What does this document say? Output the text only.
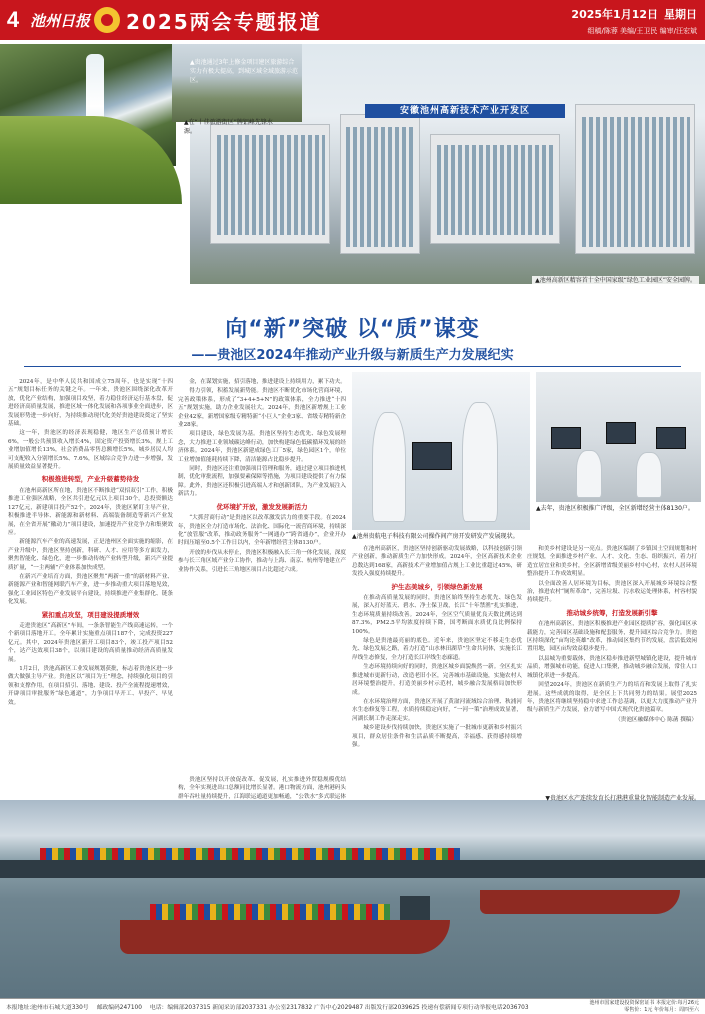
4 池州日报 2025两会专题报道	2025年1月12日 星期日
组稿/陈蓉 美编/王卫民 编审/汪宏斌
安徽池州高新技术产业开发区
▲贵池通过3年上修金项目建区旅游综合实力有极大提高，到城区域全域旅游示范区。
▲在“十佳旅游街区”牌铝峰先锋水源。
▲池州高新区精容首十全中国家级“绿色工业园区”安全园牌。
向“新”突破 以“质”谋变
——贵池区2024年推动产业升级与新质生产力发展纪实

2024年，是中华人民共和国成立75周年，也是实现“十四五”规划目标任务的关键之年。一年来，贵池区围绕深化改革开放，优化产业结构，加强项目攻坚，着力稳住经济运行基本盘，促进经济高质量发展，推进区域一体化发展和各项事业全面进步，区发展形势进一步向好，为持续推动现代化美好贵池建设奠定了坚实基础。

这一年，贵池区的经济表现稳健，地区生产总值预计增长6%，一般公共预算收入增长4%，固定资产投资增长3%，规上工业增加值增长13%，社会消费品零售总额增长5%，城乡居民人均可支配收入分别增长5%、7.6%，区域综合竞争力进一步增强，发展质量效益显著提升。

积极推进转型，产业升级蓄势待发

在池州高新区所在地，贵池区不断推进“双招双引”工作，积极推进工业强区战略，全区共引进亿元以上项目30个，总投资额达127亿元，新建项目投产52个。2024年，贵池区紧盯主导产业，积极推进半导体、新能源和新材料、高端装备制造等新兴产业发展，在全省开展“徽动力”项目建设，加速提升产业竞争力和集聚效应。

新能源汽车产业的高速发展，正是池州区全面实施的缩影，在产业升级中，贵池区坚持创新，科研、人才、应用等多方面发力，聚焦智能化、绿色化，进一步推动传统产业转型升级，新兴产业提质扩量，“一主两辅”产业体系加快成型。

在新兴产业培育方面，贵池区聚焦“两新一重”的新材料产业、新能源产业和智能网联汽车产业，进一步推动重大项目落地见效，强化工业园区特色产业发展平台建设，持续推进产业集群化、链条化发展。

紧扣重点攻坚，项目建设提质增效

走进贵池区“高新区”车间，一条条智能生产线高速运转，一个个新项目落地开工。全年累计实施重点项目187个，完成投资227亿元。其中，2024年贵池区新开工项目83个，竣工投产项目52个，达产达效项目38个，以项目建设的高质量推动经济高质量发展。

1月2日，贵池高新区工业发展规划获批，标志着贵池区进一步做大做强主导产业。贵池区以“项目为王”理念，持续强化项目的引领和支撑作用，在项目招引、落地、建设、投产全流程提速增效，开辟项目审批服务“绿色通道”，力争项目早开工、早投产、早见效。

金，在谋划实施，招引落地，推进建设上持续用力，累下功夫。

得力引领，积蓄发展新势能。贵池区不断优化市场化营商环境，完善政策体系，形成了“3+4+5+N”的政策体系，全力推进“十四五”规划实施，助力企业发展壮大。2024年，贵池区新增规上工业企业42家，新增国家级专精特新“小巨人”企业3家、省级专精特新企业28家。

项目建设，绿色发展为基。贵池区坚持生态优先、绿色发展理念，大力推进工业领域碳达峰行动，加快构建绿色低碳循环发展的经济体系。2024年，贵池区新建成绿色工厂5家，绿色园区1个，单位工业增加值能耗持续下降，清洁能源占比稳步提升。

同时，贵池区还注重加强项目管理和服务，通过建立项目推进机制，优化审批流程，加强要素保障等措施，为项目建设提供了有力保障。此外，贵池区还积极引进高端人才和创新团队，为产业发展注入新活力。

优环境扩开放，激发发展新活力

“大抓营商行动”是贵池区以改革激发活力的重要手段。在2024年，贵池区全力打造市场化、法治化、国际化一流营商环境，持续深化“放管服”改革，推动政务服务“一网通办”“跨省通办”，企业开办时间压缩至0.5个工作日以内，全年新增经营主体8130户。

开放的步伐从未停止，贵池区积极融入长三角一体化发展，深度参与长三角区域产业分工协作，推动与上海、南京、杭州等地建立产业协作关系，引进长三角地区项目占比超过六成。

贵池区坚持以开放促改革、促发展，扎实推进外贸稳规模优结构，全年实现进出口总额同比增长显著。港口物流方面，池州港码头群年吞吐量持续提升，江海联运通道更加畅通，“公铁水”多式联运体

▲池州贵航电子科技有限公司操作间产房开发研发产发展现状。
▲去年，贵池区积极推广评级，全区新增经营主体8130户。

在池州高新区，贵池区坚持创新驱动发展战略，以科技创新引领产业创新，推动新质生产力加快形成。2024年，全区高新技术企业总数达到168家，高新技术产业增加值占规上工业比重超过45%，研发投入强度持续提升。

护生态美城乡，引领绿色新发展

在推动高质量发展的同时，贵池区始终坚持生态优先、绿色发展，深入打好蓝天、碧水、净土保卫战，长江“十年禁渔”扎实推进，生态环境质量持续改善。2024年，全区空气质量优良天数比例达到87.3%，PM2.5平均浓度持续下降，国考断面水质优良比例保持100%。

绿色是贵池最亮丽的底色。近年来，贵池区坚定不移走生态优先、绿色发展之路，着力打造“山水林田湖草”生命共同体，实施长江岸线生态修复，全力打造长江岸线生态廊道。

生态环境持续向好的同时，贵池区城乡面貌焕然一新。全区扎实推进城市更新行动，改造老旧小区，完善城市基础设施，实施农村人居环境整治提升，打造美丽乡村示范村，城乡融合发展格局加快形成。

在水环境治理方面，贵池区开展了黄湓河流域综合治理、秋浦河水生态修复等工程，水质持续稳定向好，“一河一策”治理成效显著，河湖长制工作走深走实。

城乡建设步伐持续加快，贵池区实施了一批城市更新和乡村振兴项目，群众居住条件和生活品质不断提高，幸福感、获得感持续增强。

和美乡村建设是另一亮点。贵池区编制了乡镇国土空间规划和村庄规划，全面推进乡村产业、人才、文化、生态、组织振兴，着力打造宜居宜业和美乡村，全区新增省级美丽乡村中心村，农村人居环境整治提升工作成效明显。

以全面改善人居环境为目标，贵池区深入开展城乡环境综合整治，推进农村“厕所革命”，完善垃圾、污水收运处理体系，村容村貌持续提升。

推动城乡统筹，打造发展新引擎

在池州高新区，贵池区积极推进产业园区提质扩容，强化园区承载能力，完善园区基础设施和配套服务，提升园区综合竞争力。贵池区持续深化“亩均论英雄”改革，推动园区集约节约发展，盘活低效闲置用地，园区亩均效益稳步提升。

以县城为重要载体，贵池区稳步推进新型城镇化建设，提升城市品质，增强城市功能，促进人口集聚，推动城乡融合发展，常住人口城镇化率进一步提高。

回望2024年，贵池区在新质生产力的培育和发展上取得了扎实进展。这些成就的取得，是全区上下共同努力的结果。展望2025年，贵池区将继续坚持稳中求进工作总基调，以更大力度推动产业升级与新质生产力发展，奋力谱写中国式现代化贵池篇章。

（贵池区融媒体中心 陈菡 撰稿）

▼贵池区水产连续发育长打港港重量化智能制造产业发展。
本报地址:池州市石城大道330号 邮政编码247100 电话：编辑部2037315 新闻采访部2037331 办公室2317832 广告中心2029487 出版发行部2039625 投递有偿新闻专项行动举报电话2036703
池州市国家建设投资保密证书 本报定价:每月26元
零售价：1元 年价每月：周四至六
